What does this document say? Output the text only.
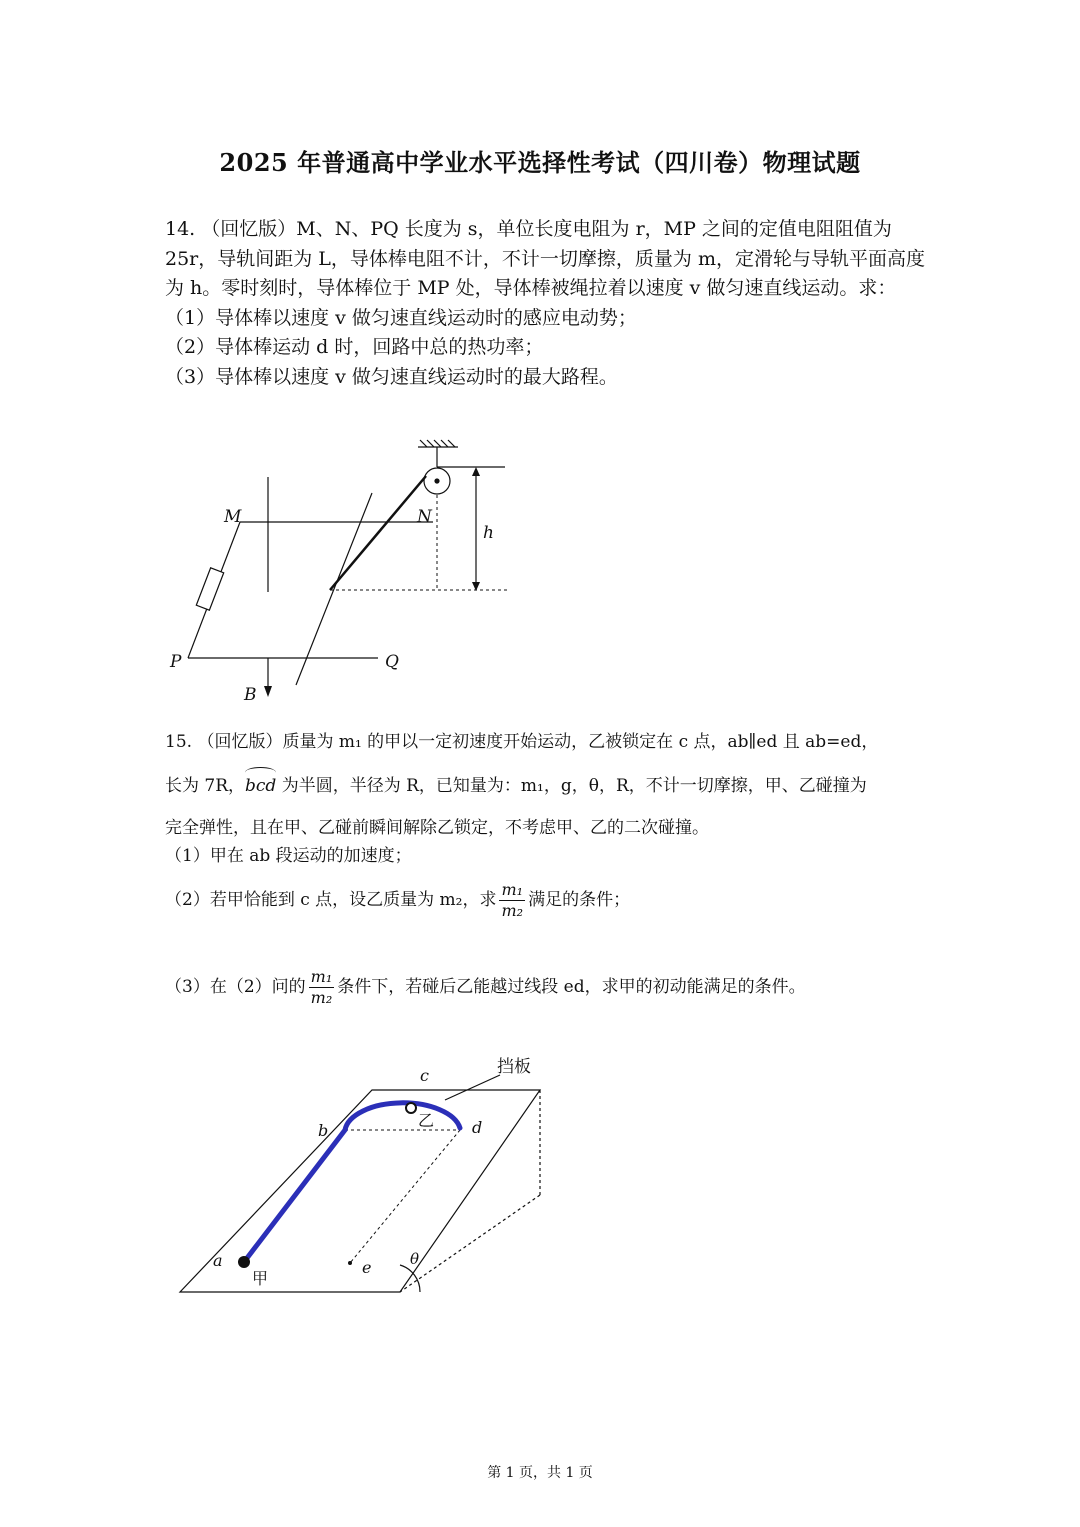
2025 年普通高中学业水平选择性考试（四川卷）物理试题

14. （回忆版）M、N、PQ 长度为 s，单位长度电阻为 r，MP 之间的定值电阻阻值为 25r，导轨间距为 L，导体棒电阻不计，不计一切摩擦，质量为 m，定滑轮与导轨平面高度为 h。零时刻时，导体棒位于 MP 处，导体棒被绳拉着以速度 v 做匀速直线运动。求：

（1）导体棒以速度 v 做匀速直线运动时的感应电动势；

（2）导体棒运动 d 时，回路中总的热功率；

（3）导体棒以速度 v 做匀速直线运动时的最大路程。

M	N
P	Q
B
h
15. （回忆版）质量为 m₁ 的甲以一定初速度开始运动，乙被锁定在 c 点，ab∥ed 且 ab=ed，
长为 7R，bcd 为半圆，半径为 R，已知量为：m₁，g，θ，R，不计一切摩擦，甲、乙碰撞为
完全弹性，且在甲、乙碰前瞬间解除乙锁定，不考虑甲、乙的二次碰撞。
（1）甲在 ab 段运动的加速度；
（2）若甲恰能到 c 点，设乙质量为 m₂，求 $\frac{\text{m₁}}{\text{m₂}}$ 满足的条件；
（3）在（2）问的 $\frac{\text{m₁}}{\text{m₂}}$ 条件下，若碰后乙能越过线段 ed，求甲的初动能满足的条件。
a
b
c
d
e	θ
甲
乙
挡板
第 1 页，共 1 页
